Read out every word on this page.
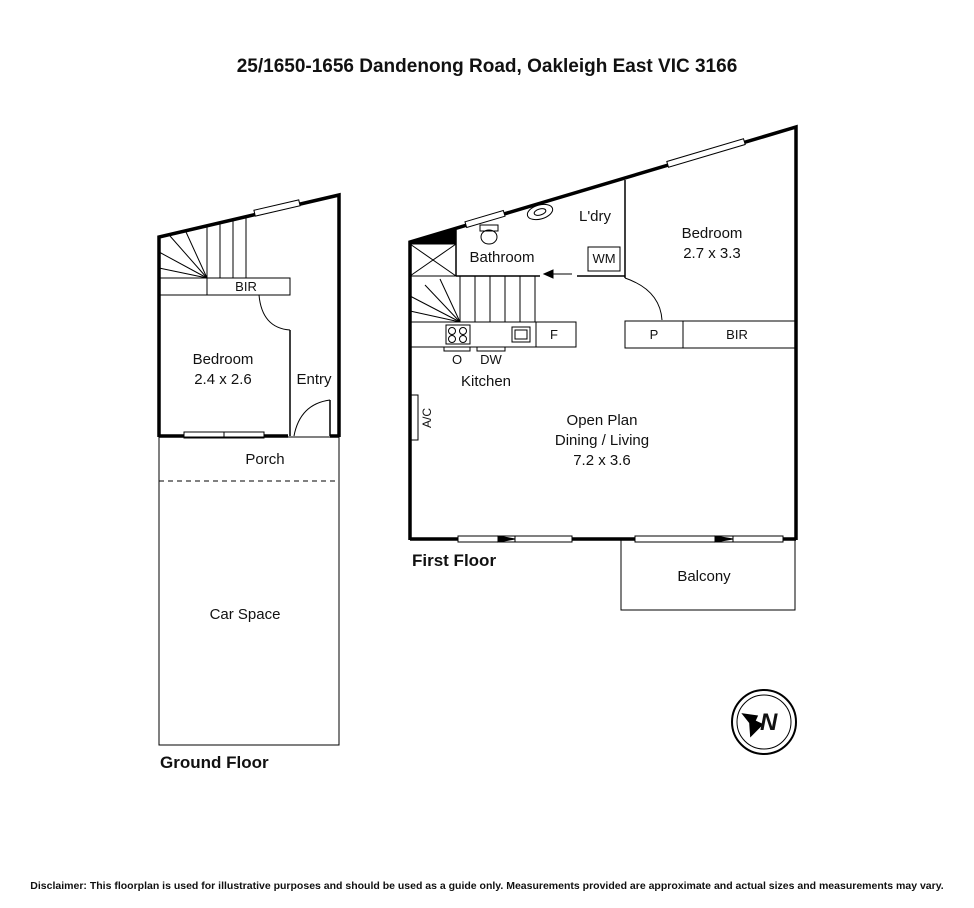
25/1650-1656 Dandenong Road, Oakleigh East VIC 3166
BIR
Bedroom
2.4 x 2.6	Entry
Porch
Car Space
Ground Floor
L'dry
Bedroom
2.7 x 3.3
Bathroom	WM
P	BIR
F
O DW
Kitchen
A/C	Open Plan
Dining / Living
7.2 x 3.6
Balcony
First Floor
N
Disclaimer: This floorplan is used for illustrative purposes and should be used as a guide only. Measurements provided are approximate and actual sizes and measurements may vary.
